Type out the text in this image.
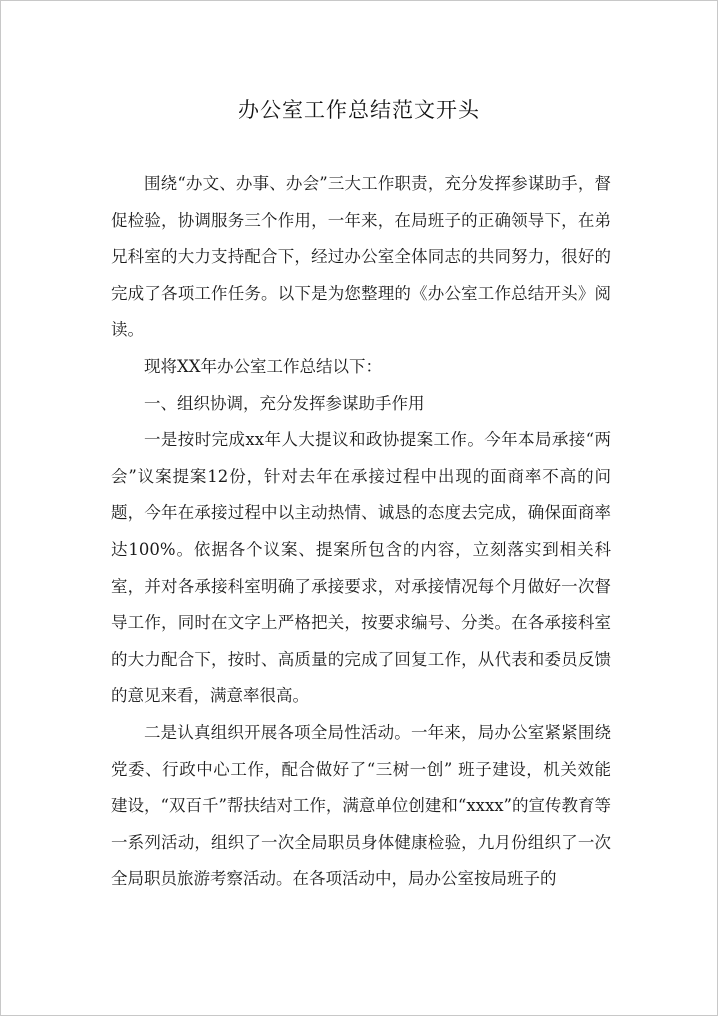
办公室工作总结范文开头

围绕“办文、办事、办会”三大工作职责，充分发挥参谋助手，督促检验，协调服务三个作用，一年来，在局班子的正确领导下，在弟兄科室的大力支持配合下，经过办公室全体同志的共同努力，很好的完成了各项工作任务。以下是为您整理的《办公室工作总结开头》阅读。

现将XX年办公室工作总结以下：

一、组织协调，充分发挥参谋助手作用

一是按时完成xx年人大提议和政协提案工作。今年本局承接“两会”议案提案12份，针对去年在承接过程中出现的面商率不高的问题，今年在承接过程中以主动热情、诚恳的态度去完成，确保面商率达100%。依据各个议案、提案所包含的内容，立刻落实到相关科室，并对各承接科室明确了承接要求，对承接情况每个月做好一次督导工作，同时在文字上严格把关，按要求编号、分类。在各承接科室的大力配合下，按时、高质量的完成了回复工作，从代表和委员反馈的意见来看，满意率很高。

二是认真组织开展各项全局性活动。一年来，局办公室紧紧围绕党委、行政中心工作，配合做好了“三树一创” 班子建设，机关效能建设，“双百千”帮扶结对工作，满意单位创建和“xxxx”的宣传教育等一系列活动，组织了一次全局职员身体健康检验，九月份组织了一次全局职员旅游考察活动。在各项活动中，局办公室按局班子的
